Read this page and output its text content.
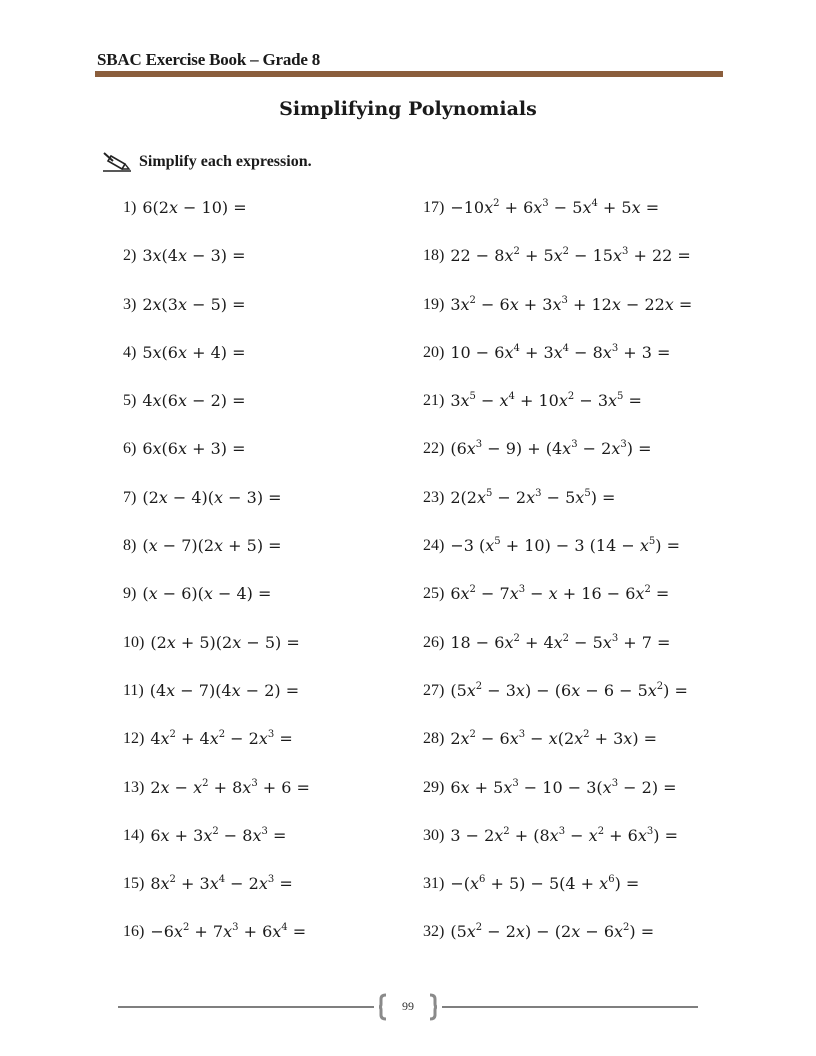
SBAC Exercise Book – Grade 8
Simplifying Polynomials
Simplify each expression.
1) 6(2x − 10) =
2) 3x(4x − 3) =
3) 2x(3x − 5) =
4) 5x(6x + 4) =
5) 4x(6x − 2) =
6) 6x(6x + 3) =
7) (2x − 4)(x − 3) =
8) (x − 7)(2x + 5) =
9) (x − 6)(x − 4) =
10) (2x + 5)(2x − 5) =
11) (4x − 7)(4x − 2) =
12) $4x^2 + 4x^2 - 2x^3$ =
13) $2x - x^2 + 8x^3 + 6$ =
14) $6x + 3x^2 - 8x^3$ =
15) $8x^2 + 3x^4 - 2x^3$ =
$16) -6x^2 + 7x^3 + 6x^4$ =
$17) -10x^2 + 6x^3 - 5x^4 + 5x$ =
18) $22 - 8x^2 + 5x^2 - 15x^3 + 22$ =
19) $3x^2 - 6x + 3x^3 + 12x - 22x$ =
20) $10 - 6x^4 + 3x^4 - 8x^3 + 3$ =
21) $3x^5 - x^4 + 10x^2 - 3x^5$ =
22) $(6x^3 - 9) + (4x^3 - 2x^3)$ =
23) $2(2x^5 - 2x^3 - 5x^5)$ =
24) −3 $(x^5 + 10) - 3$ $(14 - x^5)$ =
25) $6x^2 - 7x^3 - x + 16 - 6x^2$ =
26) $18 - 6x^2 + 4x^2 - 5x^3 + 7$ =
27) $(5x^2 - 3x) - (6x - 6 - 5x^2)$ =
28) $2x^2 - 6x^3 - x(2x^2 + 3x)$ =
29) $6x + 5x^3 - 10 - 3(x^3 - 2)$ =
30) $3 - 2x^2 + (8x^3 - x^2 + 6x^3)$ =
$31) -(x^6 + 5) - 5(4 + x^6)$ =
32) $(5x^2 - 2x) - (2x - 6x^2)$ =
99
